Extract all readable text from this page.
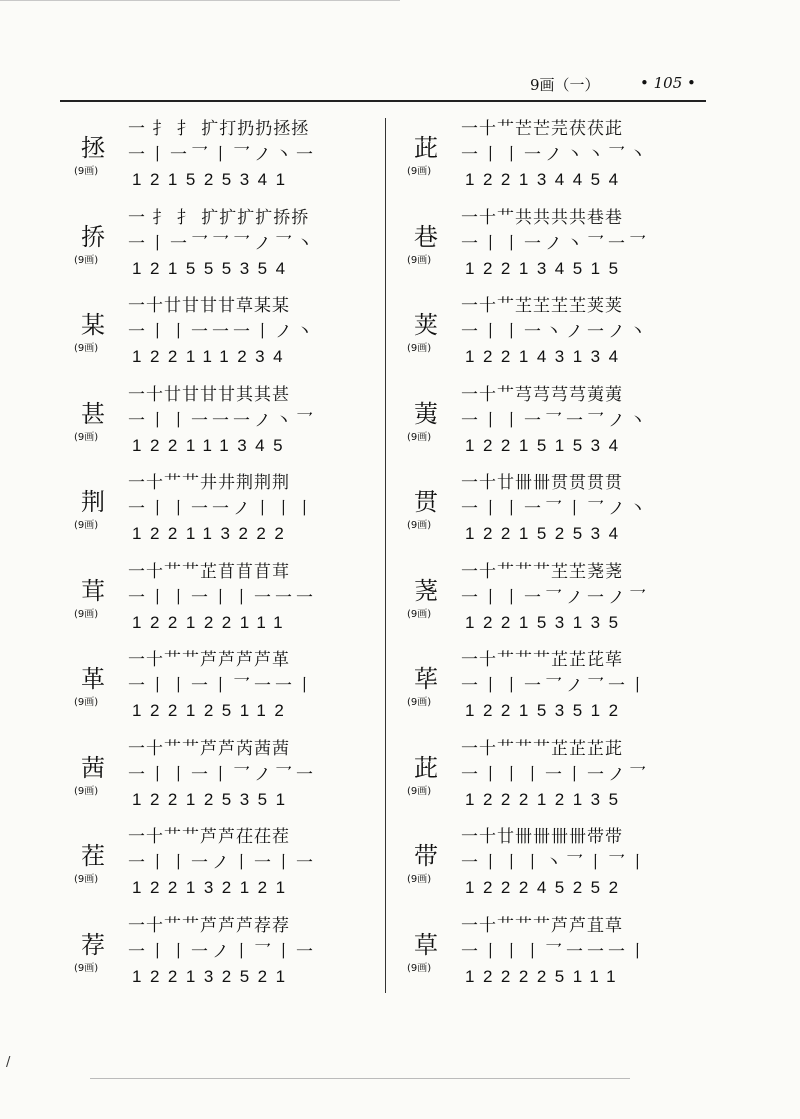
9画（一）	• 105 •
拯
(9画)
一 扌 扌 扩打扔扔拯拯
一丨一乛丨乛ノ丶一
121525341
挢
(9画)
一 扌 扌 扩扩扩扩挢挢
一丨一乛乛乛ノ乛丶
121555354
某
(9画)
一十廿甘甘甘草某某
一丨丨一一一丨ノ丶
122111234
甚
(9画)
一十廿甘甘甘其其甚
一丨丨一一一ノ丶乛
122111345
荆
(9画)
一十艹艹井井荆荆荆
一丨丨一一ノ丨丨丨
122113222
茸
(9画)
一十艹艹芷苜苜苜茸
一丨丨一丨丨一一一
122122111
革
(9画)
一十艹艹芦芦芦芦革
一丨丨一丨乛一一丨
122125112
茜
(9画)
一十艹艹芦芦芮茜茜
一丨丨一丨乛ノ乛一
122125351
茬
(9画)
一十艹艹芦芦茌茌茬
一丨丨一ノ丨一丨一
122132121
荐
(9画)
一十艹艹芦芦芦荐荐
一丨丨一ノ丨乛丨一
122132521
茈
(9画)
一十艹芒芒芫茯茯茈
一丨丨一ノ丶丶乛丶
122134454
巷
(9画)
一十艹共共共共巷巷
一丨丨一ノ丶乛一乛
122134515
荚
(9画)
一十艹芏芏芏芏荚荚
一丨丨一丶ノ一ノ丶
122143134
荑
(9画)
一十艹芎芎芎芎荑荑
一丨丨一乛一乛ノ丶
122151534
贯
(9画)
一十廿卌卌贯贯贯贯
一丨丨一乛丨乛ノ丶
122152534
荛
(9画)
一十艹艹艹芏芏荛荛
一丨丨一乛ノ一ノ乛
122153135
荜
(9画)
一十艹艹艹芷芷芘荜
一丨丨一乛ノ乛一丨
122153512
茈
(9画)
一十艹艹艹芷芷芷茈
一丨丨丨一丨一ノ乛
122212135
带
(9画)
一十廿卌卌卌卌带带
一丨丨丨丶乛丨乛丨
122245252
草
(9画)
一十艹艹艹芦芦苴草
一丨丨丨乛一一一丨
122225111
/
